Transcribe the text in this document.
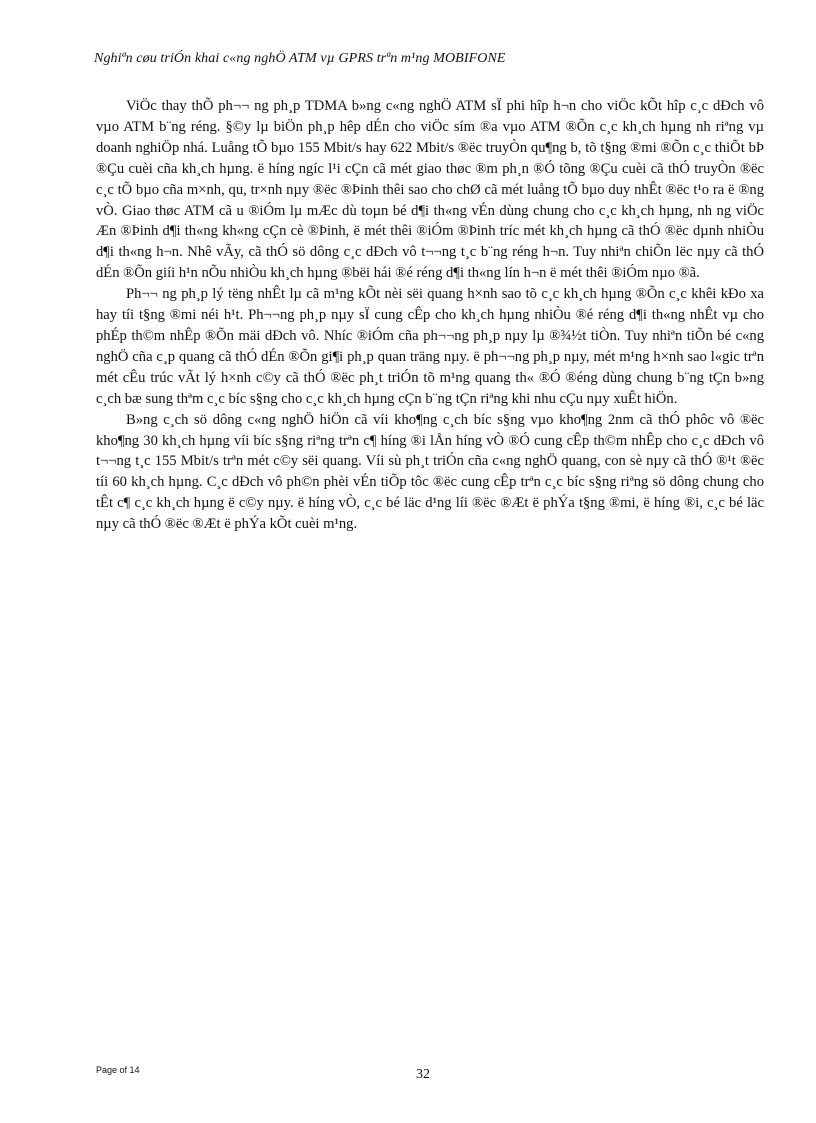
Nghiªn cøu triÓn khai c«ng nghÖ ATM vµ GPRS trªn m¹ng MOBIFONE

ViÖc thay thÕ ph¬¬ ng ph¸p TDMA b»ng c«ng nghÖ ATM sÏ phi hîp h¬n cho viÖc kÕt hîp c¸c dÐch vô vµo ATM b¨ng réng. §©y lµ biÖn ph¸p hêp dÉn cho viÖc sím ®a vµo ATM ®Õn c¸c kh¸ch hµng nh riªng vµ doanh nghiÖp nhá. Luång tÕ bµo 155 Mbit/s hay 622 Mbit/s ®ëc truyÒn qu¶ng b, tõ t§ng ®mi ®Õn c¸c thiÕt bÞ ®Çu cuèi cña kh¸ch hµng. ë híng ngíc l¹i cÇn cã mét giao thøc ®m ph¸n ®Ó tõng ®Çu cuèi cã thÓ truyÒn ®ëc c¸c tÕ bµo cña m×nh, qu, tr×nh nµy ®ëc ®Þinh thêi sao cho chØ cã mét luång tÕ bµo duy nhÊt ®ëc t¹o ra ë ®ng vÒ. Giao thøc ATM cã u ®iÓm lµ mÆc dù toµn bé d¶i th«ng vÉn dùng chung cho c¸c kh¸ch hµng, nh ng viÖc Æn ®Þinh d¶i th«ng kh«ng cÇn cè ®Þinh, ë mét thêi ®iÓm ®Þinh tríc mét kh¸ch hµng cã thÓ ®ëc dµnh nhiÒu d¶i th«ng h¬n. Nhê vÃy, cã thÓ sö dông c¸c dÐch vô t¬¬ng t¸c b¨ng réng h¬n. Tuy nhiªn chiÕn lëc nµy cã thÓ dÉn ®Õn giíi h¹n nÕu nhiÒu kh¸ch hµng ®bëi hái ®é réng d¶i th«ng lín h¬n ë mét thêi ®iÓm nµo ®ã.

Ph¬¬ ng ph¸p lý tëng nhÊt lµ cã m¹ng kÕt nèi sëi quang h×nh sao tõ c¸c kh¸ch hµng ®Õn c¸c khêi kÐo xa hay tíi t§ng ®mi néi h¹t. Ph¬¬ng ph¸p nµy sÏ cung cÊp cho kh¸ch hµng nhiÒu ®é réng d¶i th«ng nhÊt vµ cho phÉp th©m nhÊp ®Õn mäi dÐch vô. Nhíc ®iÓm cña ph¬¬ng ph¸p nµy lµ ®¾½t tiÒn. Tuy nhiªn tiÕn bé c«ng nghÖ cña c¸p quang cã thÓ dÉn ®Õn gi¶i ph¸p quan träng nµy. ë ph¬¬ng ph¸p nµy, mét m¹ng h×nh sao l«gic trªn mét cÊu trúc vÃt lý h×nh c©y cã thÓ ®ëc ph¸t triÓn tõ m¹ng quang th« ®Ó ®éng dùng chung b¨ng tÇn b»ng c¸ch bæ sung thªm c¸c bíc s§ng cho c¸c kh¸ch hµng cÇn b¨ng tÇn riªng khi nhu cÇu nµy xuÊt hiÖn.

B»ng c¸ch sö dông c«ng nghÖ hiÖn cã víi kho¶ng c¸ch bíc s§ng vµo kho¶ng 2nm cã thÓ phôc vô ®ëc kho¶ng 30 kh¸ch hµng víi bíc s§ng riªng trªn c¶ híng ®i lÅn híng vÒ ®Ó cung cÊp th©m nhÊp cho c¸c dÐch vô t¬¬ng t¸c 155 Mbit/s trªn mét c©y sëi quang. Víi sù ph¸t triÓn cña c«ng nghÖ quang, con sè nµy cã thÓ ®¹t ®ëc tíi 60 kh¸ch hµng. C¸c dÐch vô ph©n phèi vÉn tiÕp tôc ®ëc cung cÊp trªn c¸c bíc s§ng riªng sö dông chung cho tÊt c¶ c¸c kh¸ch hµng ë c©y nµy. ë híng vÒ, c¸c bé läc d¹ng líi ®ëc ®Æt ë phÝa t§ng ®mi, ë híng ®i, c¸c bé läc nµy cã thÓ ®ëc ®Æt ë phÝa kÕt cuèi m¹ng.

Page of 14	32
